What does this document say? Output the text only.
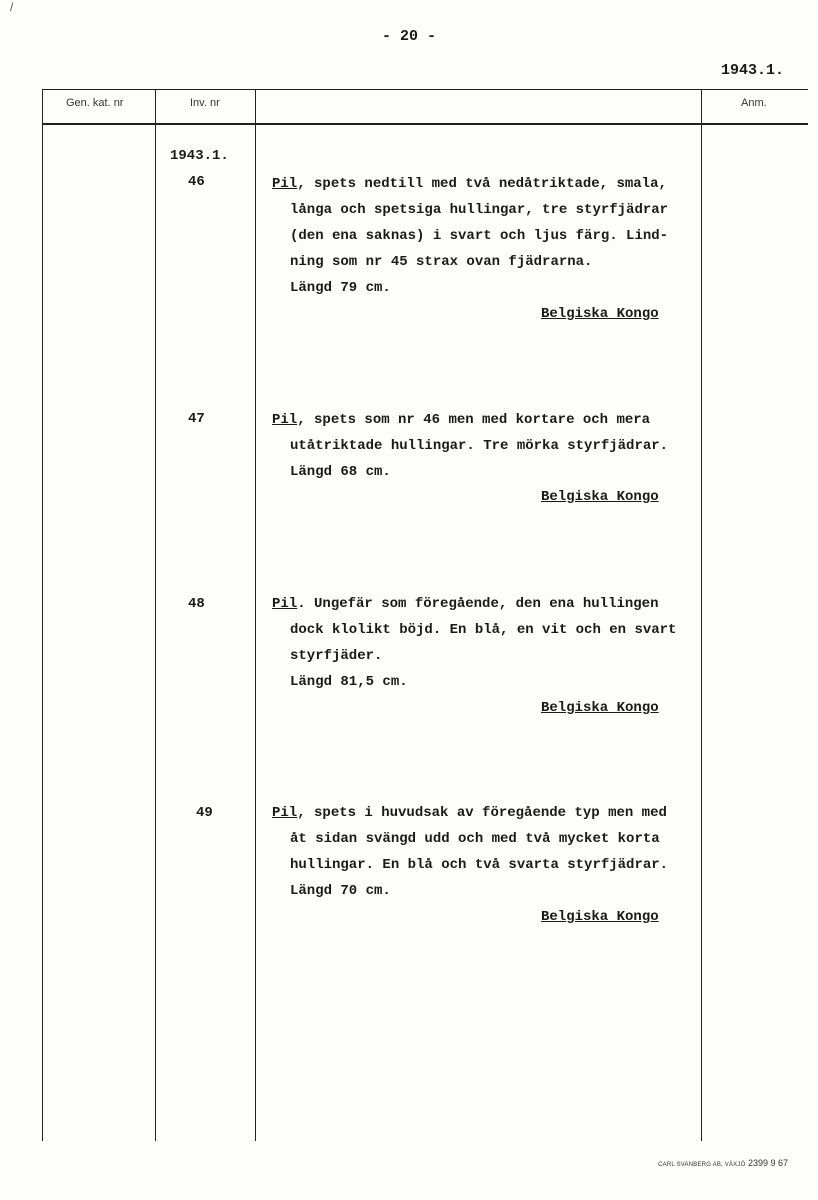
/
- 20 -
1943.1.
Gen. kat. nr	Inv. nr	Anm.
1943.1.
46	Pil, spets nedtill med två nedåtriktade, smala,
långa och spetsiga hullingar, tre styrfjädrar
(den ena saknas) i svart och ljus färg. Lind-
ning som nr 45 strax ovan fjädrarna.
Längd 79 cm.
Belgiska Kongo
47	Pil, spets som nr 46 men med kortare och mera
utåtriktade hullingar. Tre mörka styrfjädrar.
Längd 68 cm.
Belgiska Kongo
48	Pil. Ungefär som föregående, den ena hullingen
dock klolikt böjd. En blå, en vit och en svart
styrfjäder.
Längd 81,5 cm.
Belgiska Kongo
49	Pil, spets i huvudsak av föregående typ men med
åt sidan svängd udd och med två mycket korta
hullingar. En blå och två svarta styrfjädrar.
Längd 70 cm.
Belgiska Kongo
CARL SVANBERG AB, VÄXJÖ 2399 9 67
